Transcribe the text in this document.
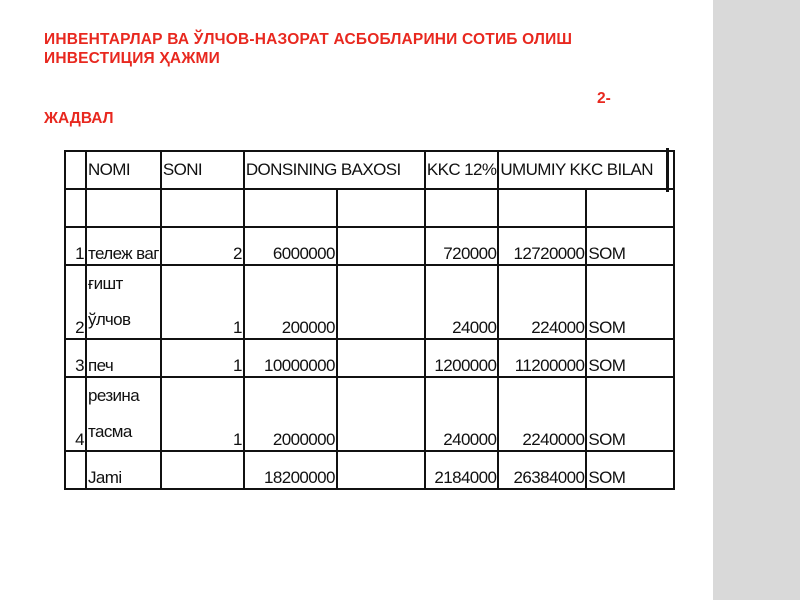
ИНВЕНТАРЛАР ВА ЎЛЧОВ-НАЗОРАТ АСБОБЛАРИНИ СОТИБ ОЛИШ ИНВЕСТИЦИЯ ҲАЖМИ
2-
ЖАДВАЛ
	NOMI	SONI	DONSINING BAXOSI		KKC 12%	UMUMIY KKC BILAN	

1	тележ ваг	2	6000000		720000	12720000	SOM
2	ғишт ўлчов	1	200000		24000	224000	SOM
3	печ	1	10000000		1200000	11200000	SOM
4	резина тасма	1	2000000		240000	2240000	SOM
	Jami		18200000		2184000	26384000	SOM
